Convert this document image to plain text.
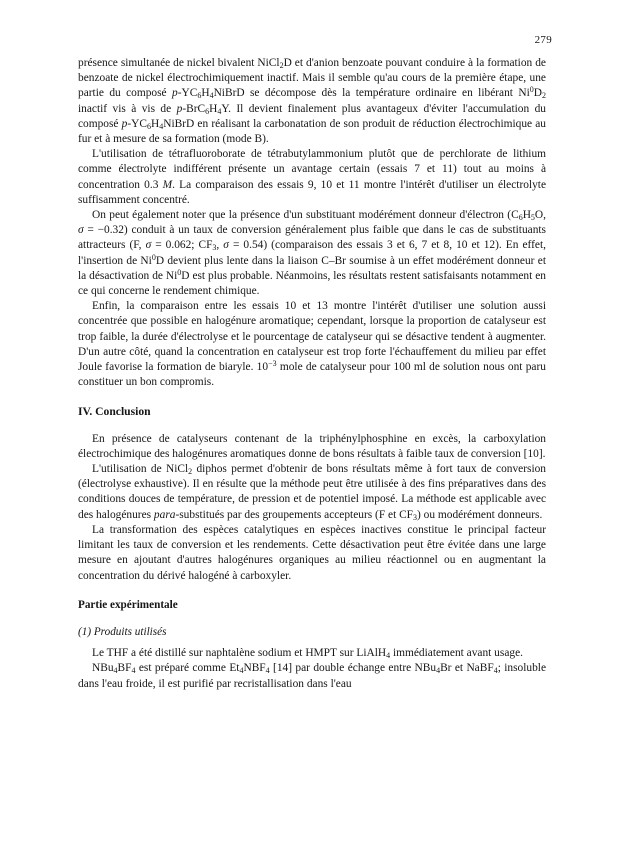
279

présence simultanée de nickel bivalent NiCl$_2$D et d'anion benzoate pouvant conduire à la formation de benzoate de nickel électrochimiquement inactif. Mais il semble qu'au cours de la première étape, une partie du composé $p-YC_6H_4NiBrD$ se décompose dès la température ordinaire en libérant $Ni^0D_2$ inactif vis à vis de $p-BrC_6H_4Y$. Il devient finalement plus avantageux d'éviter l'accumulation du composé $p-YC_6H_4NiBrD$ en réalisant la carbonatation de son produit de réduction électrochimique au fur et à mesure de sa formation (mode B).

L'utilisation de tétrafluoroborate de tétrabutylammonium plutôt que de perchlorate de lithium comme électrolyte indifférent présente un avantage certain (essais 7 et 11) tout au moins à concentration 0.3 M. La comparaison des essais 9, 10 et 11 montre l'intérêt d'utiliser un électrolyte suffisamment concentré.

On peut également noter que la présence d'un substituant modérément donneur d'électron ($C_6H_5O$, σ = −0.32) conduit à un taux de conversion généralement plus faible que dans le cas de substituants attracteurs (F, σ = 0.062; $CF_3$, σ = 0.54) (comparaison des essais 3 et 6, 7 et 8, 10 et 12). En effet, l'insertion de Ni$^0$D devient plus lente dans la liaison C–Br soumise à un effet modérément donneur et la désactivation de Ni$^0$D est plus probable. Néanmoins, les résultats restent satisfaisants notamment en ce qui concerne le rendement chimique.

Enfin, la comparaison entre les essais 10 et 13 montre l'intérêt d'utiliser une solution aussi concentrée que possible en halogénure aromatique; cependant, lorsque la proportion de catalyseur est trop faible, la durée d'électrolyse et le pourcentage de catalyseur qui se désactive tendent à augmenter. D'un autre côté, quand la concentration en catalyseur est trop forte l'échauffement du milieu par effet Joule favorise la formation de biaryle. $10^{-3}$ mole de catalyseur pour 100 ml de solution nous ont paru constituer un bon compromis.

IV. Conclusion

En présence de catalyseurs contenant de la triphénylphosphine en excès, la carboxylation électrochimique des halogénures aromatiques donne de bons résultats à faible taux de conversion [10].

L'utilisation de NiCl$_2$ diphos permet d'obtenir de bons résultats même à fort taux de conversion (électrolyse exhaustive). Il en résulte que la méthode peut être utilisée à des fins préparatives dans des conditions douces de température, de pression et de potentiel imposé. La méthode est applicable avec des halogénures para-substitués par des groupements accepteurs (F et $CF_3$) ou modérément donneurs.

La transformation des espèces catalytiques en espèces inactives constitue le principal facteur limitant les taux de conversion et les rendements. Cette désactivation peut être évitée dans une large mesure en ajoutant d'autres halogénures organiques au milieu réactionnel ou en augmentant la concentration du dérivé halogéné à carboxyler.

Partie expérimentale
(1) Produits utilisés

Le THF a été distillé sur naphtalène sodium et HMPT sur LiAlH$_4$ immédiatement avant usage.

$NBu_4BF_4$ est préparé comme $Et_4NBF_4$ [14] par double échange entre NBu$_4$Br et NaBF$_4$; insoluble dans l'eau froide, il est purifié par recristallisation dans l'eau
